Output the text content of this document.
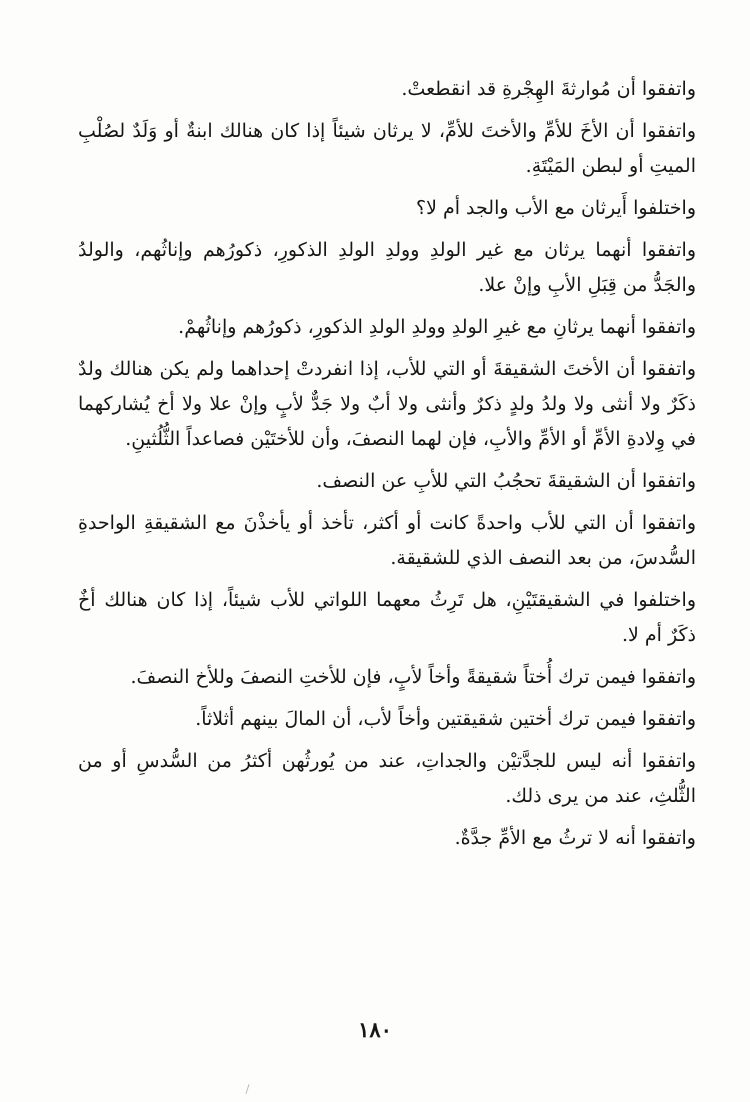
واتفقوا أن مُوارثةَ الهِجْرةِ قد انقطعتْ.

واتفقوا أن الأخَ للأمِّ والأختَ للأمِّ، لا يرثان شيئاً إذا كان هنالك ابنةٌ أو وَلَدٌ لصُلْبِ الميتِ أو لبطن المَيْتَةِ.

واختلفوا أَيرثان مع الأب والجد أم لا؟

واتفقوا أنهما يرثان مع غير الولدِ وولدِ الولدِ الذكورِ، ذكورُهم وإناثُهم، والولدُ والجَدُّ من قِبَلِ الأبِ وإنْ علا.

واتفقوا أنهما يرثانِ مع غيرِ الولدِ وولدِ الولدِ الذكورِ، ذكورُهم وإناثُهمْ.

واتفقوا أن الأختَ الشقيقةَ أو التي للأب، إذا انفردتْ إحداهما ولم يكن هنالك ولدٌ ذكَرٌ ولا أنثى ولا ولدُ ولدٍ ذكرٌ وأنثى ولا أبٌ ولا جَدٌّ لأبٍ وإنْ علا ولا أخ يُشاركهما في وِلادةِ الأمِّ أو الأمِّ والأبِ، فإن لهما النصفَ، وأن للأختَيْن فصاعداً الثُّلُثينِ.

واتفقوا أن الشقيقةَ تحجُبُ التي للأبِ عن النصف.

واتفقوا أن التي للأب واحدةً كانت أو أكثر، تأخذ أو يأخذْنَ مع الشقيقةِ الواحدةِ السُّدسَ، من بعد النصف الذي للشقيقة.

واختلفوا في الشقيقتَيْنِ، هل تَرِثُ معهما اللواتي للأب شيئاً، إذا كان هنالك أخٌ ذكَرٌ أم لا.

واتفقوا فيمن ترك أُختاً شقيقةً وأخاً لأبٍ، فإن للأختِ النصفَ وللأخ النصفَ.

واتفقوا فيمن ترك أختين شقيقتين وأخاً لأب، أن المالَ بينهم أثلاثاً.

واتفقوا أنه ليس للجدَّتيْن والجداتِ، عند من يُورثُهن أكثرُ من السُّدسِ أو من الثُّلثِ، عند من يرى ذلك.

واتفقوا أنه لا ترثُ مع الأمِّ جدَّةٌ.

١٨٠
